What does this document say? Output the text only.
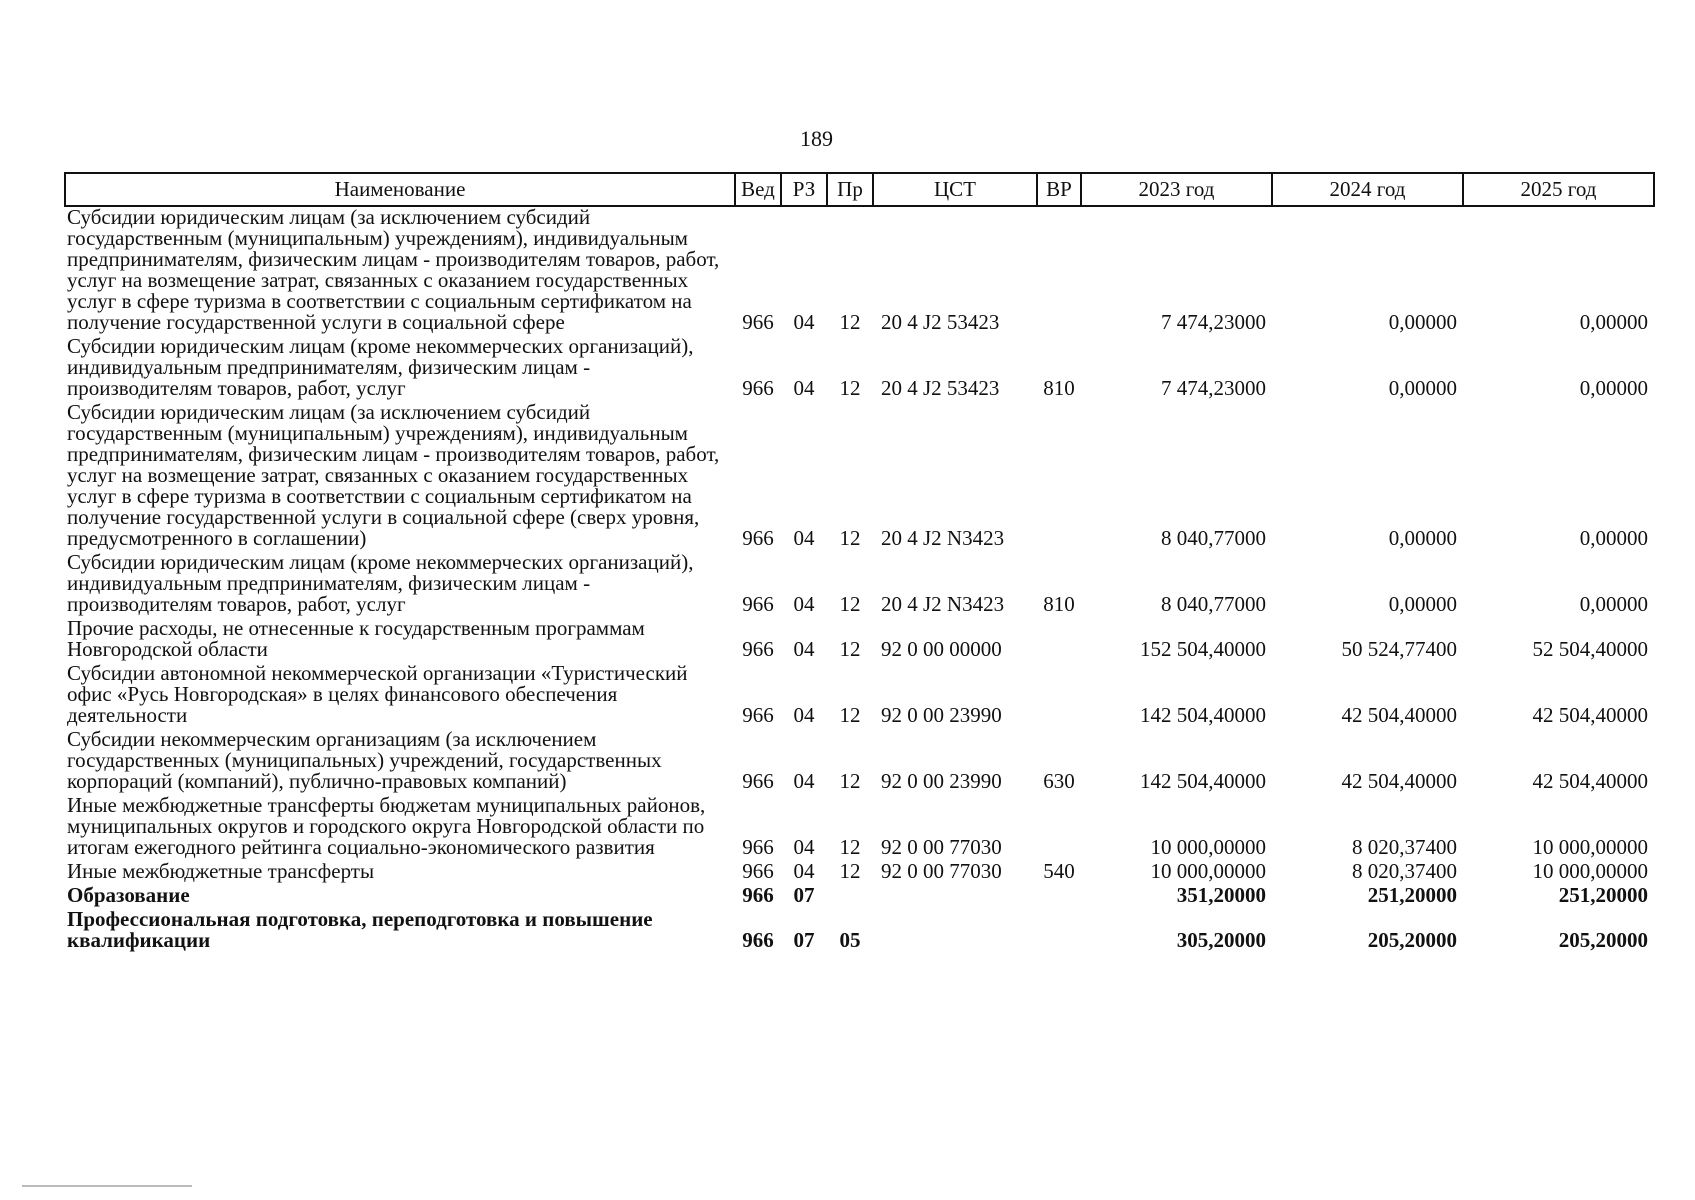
189
Наименование	Вед	РЗ	Пр	ЦСТ	ВР	2023 год	2024 год	2025 год
Субсидии юридическим лицам (за исключением субсидий государственным (муниципальным) учреждениям), индивидуальным предпринимателям, физическим лицам - производителям товаров, работ, услуг на возмещение затрат, связанных с оказанием государственных услуг в сфере туризма в соответствии с социальным сертификатом на получение государственной услуги в социальной сфере	966	04	12	20 4 J2 53423		7 474,23000	0,00000	0,00000
Субсидии юридическим лицам (кроме некоммерческих организаций), индивидуальным предпринимателям, физическим лицам - производителям товаров, работ, услуг	966	04	12	20 4 J2 53423	810	7 474,23000	0,00000	0,00000
Субсидии юридическим лицам (за исключением субсидий государственным (муниципальным) учреждениям), индивидуальным предпринимателям, физическим лицам - производителям товаров, работ, услуг на возмещение затрат, связанных с оказанием государственных услуг в сфере туризма в соответствии с социальным сертификатом на получение государственной услуги в социальной сфере (сверх уровня, предусмотренного в соглашении)	966	04	12	20 4 J2 N3423		8 040,77000	0,00000	0,00000
Субсидии юридическим лицам (кроме некоммерческих организаций), индивидуальным предпринимателям, физическим лицам - производителям товаров, работ, услуг	966	04	12	20 4 J2 N3423	810	8 040,77000	0,00000	0,00000
Прочие расходы, не отнесенные к государственным программам Новгородской области	966	04	12	92 0 00 00000		152 504,40000	50 524,77400	52 504,40000
Субсидии автономной некоммерческой организации «Туристический офис «Русь Новгородская» в целях финансового обеспечения деятельности	966	04	12	92 0 00 23990		142 504,40000	42 504,40000	42 504,40000
Субсидии некоммерческим организациям (за исключением государственных (муниципальных) учреждений, государственных корпораций (компаний), публично-правовых компаний)	966	04	12	92 0 00 23990	630	142 504,40000	42 504,40000	42 504,40000
Иные межбюджетные трансферты бюджетам муниципальных районов, муниципальных округов и городского округа Новгородской области по итогам ежегодного рейтинга социально-экономического развития	966	04	12	92 0 00 77030		10 000,00000	8 020,37400	10 000,00000
Иные межбюджетные трансферты	966	04	12	92 0 00 77030	540	10 000,00000	8 020,37400	10 000,00000
Образование	966	07				351,20000	251,20000	251,20000
Профессиональная подготовка, переподготовка и повышение квалификации	966	07	05			305,20000	205,20000	205,20000
